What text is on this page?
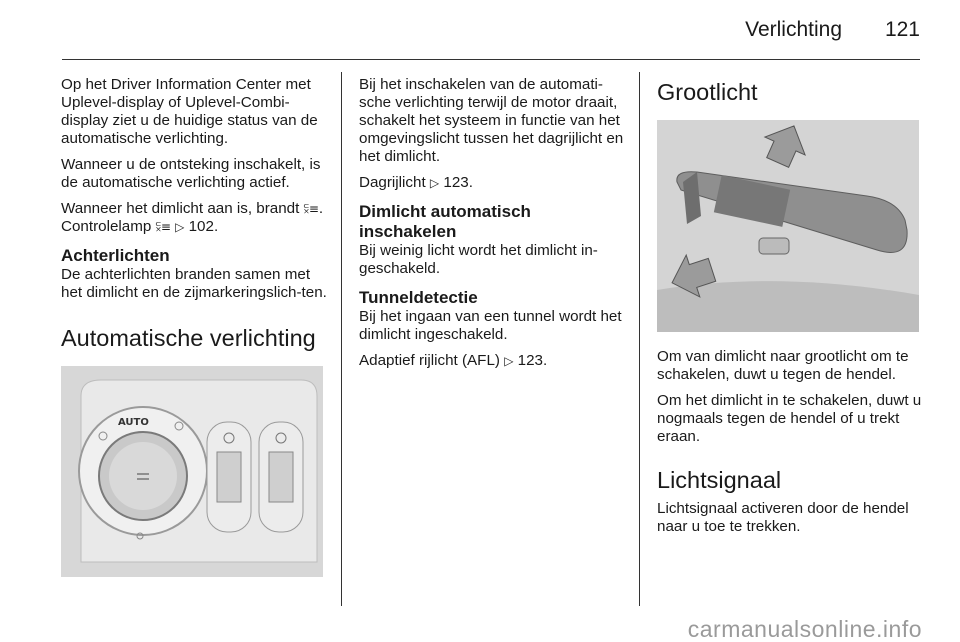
Verlichting 121

Op het Driver Information Center met Uplevel-display of Uplevel-Combi-display ziet u de huidige status van de automatische verlichting.

Wanneer u de ontsteking inschakelt, is de automatische verlichting actief.

Wanneer het dimlicht aan is, brandt ⫁≡. Controlelamp ⫁≡ ▷ 102.

Achterlichten

De achterlichten branden samen met het dimlicht en de zijmarkeringslich-ten.

Automatische verlichting
AUTO

Bij het inschakelen van de automati-sche verlichting terwijl de motor draait, schakelt het systeem in functie van het omgevingslicht tussen het dagrijlicht en het dimlicht.

Dagrijlicht ▷ 123.

Dimlicht automatisch inschakelen

Bij weinig licht wordt het dimlicht in-geschakeld.

Tunneldetectie

Bij het ingaan van een tunnel wordt het dimlicht ingeschakeld.

Adaptief rijlicht (AFL) ▷ 123.

Grootlicht

Om van dimlicht naar grootlicht om te schakelen, duwt u tegen de hendel.

Om het dimlicht in te schakelen, duwt u nogmaals tegen de hendel of u trekt eraan.

Lichtsignaal

Lichtsignaal activeren door de hendel naar u toe te trekken.

carmanualsonline.info
